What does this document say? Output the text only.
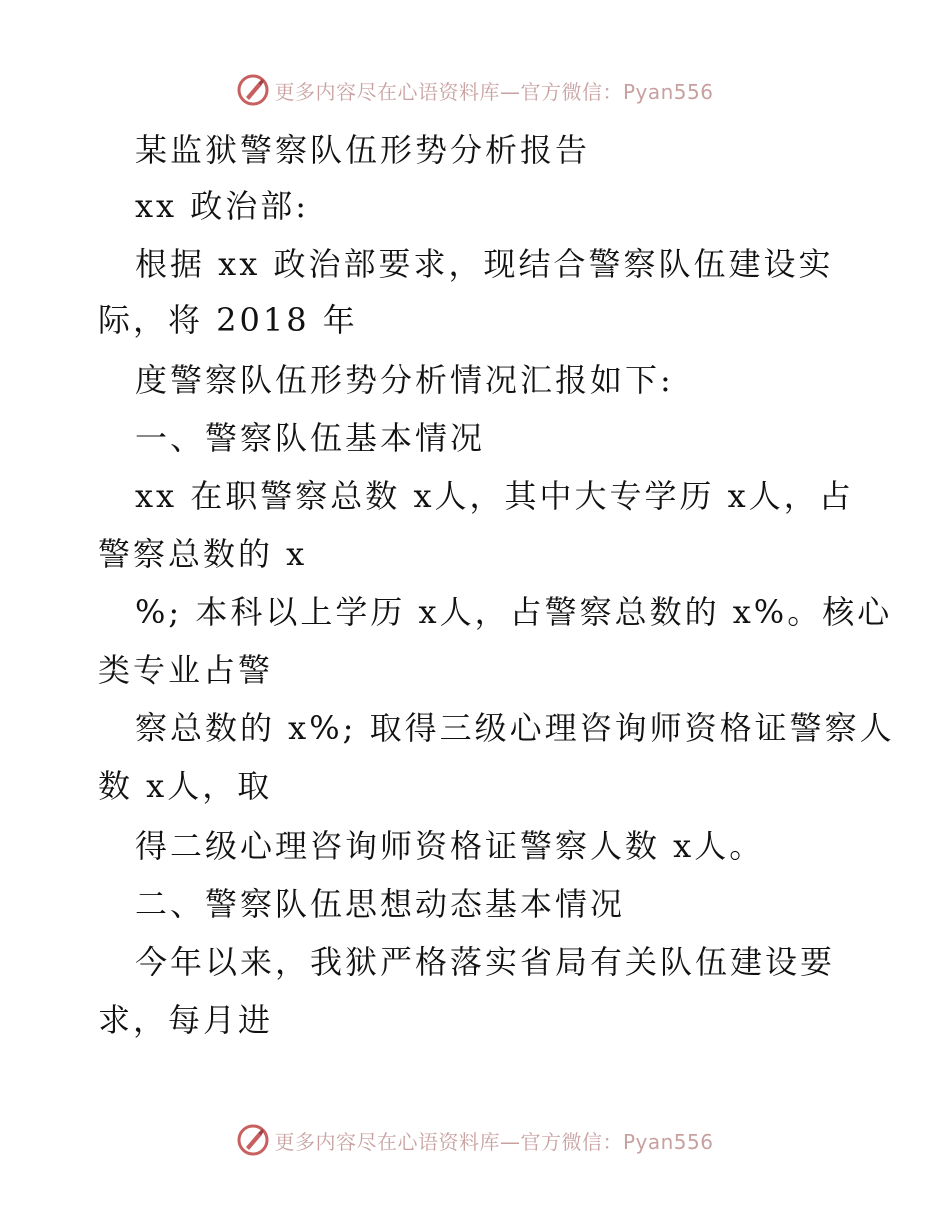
更多内容尽在心语资料库—官方微信：Pyan556
某监狱警察队伍形势分析报告
xx 政治部:
根据 xx 政治部要求，现结合警察队伍建设实
际，将 2018 年
度警察队伍形势分析情况汇报如下:
一、警察队伍基本情况
xx 在职警察总数 x人，其中大专学历 x人，占
警察总数的 x
%; 本科以上学历 x人，占警察总数的 x%。核心
类专业占警
察总数的 x%; 取得三级心理咨询师资格证警察人
数 x人，取
得二级心理咨询师资格证警察人数 x人。
二、警察队伍思想动态基本情况
今年以来，我狱严格落实省局有关队伍建设要
求，每月进
更多内容尽在心语资料库—官方微信：Pyan556
